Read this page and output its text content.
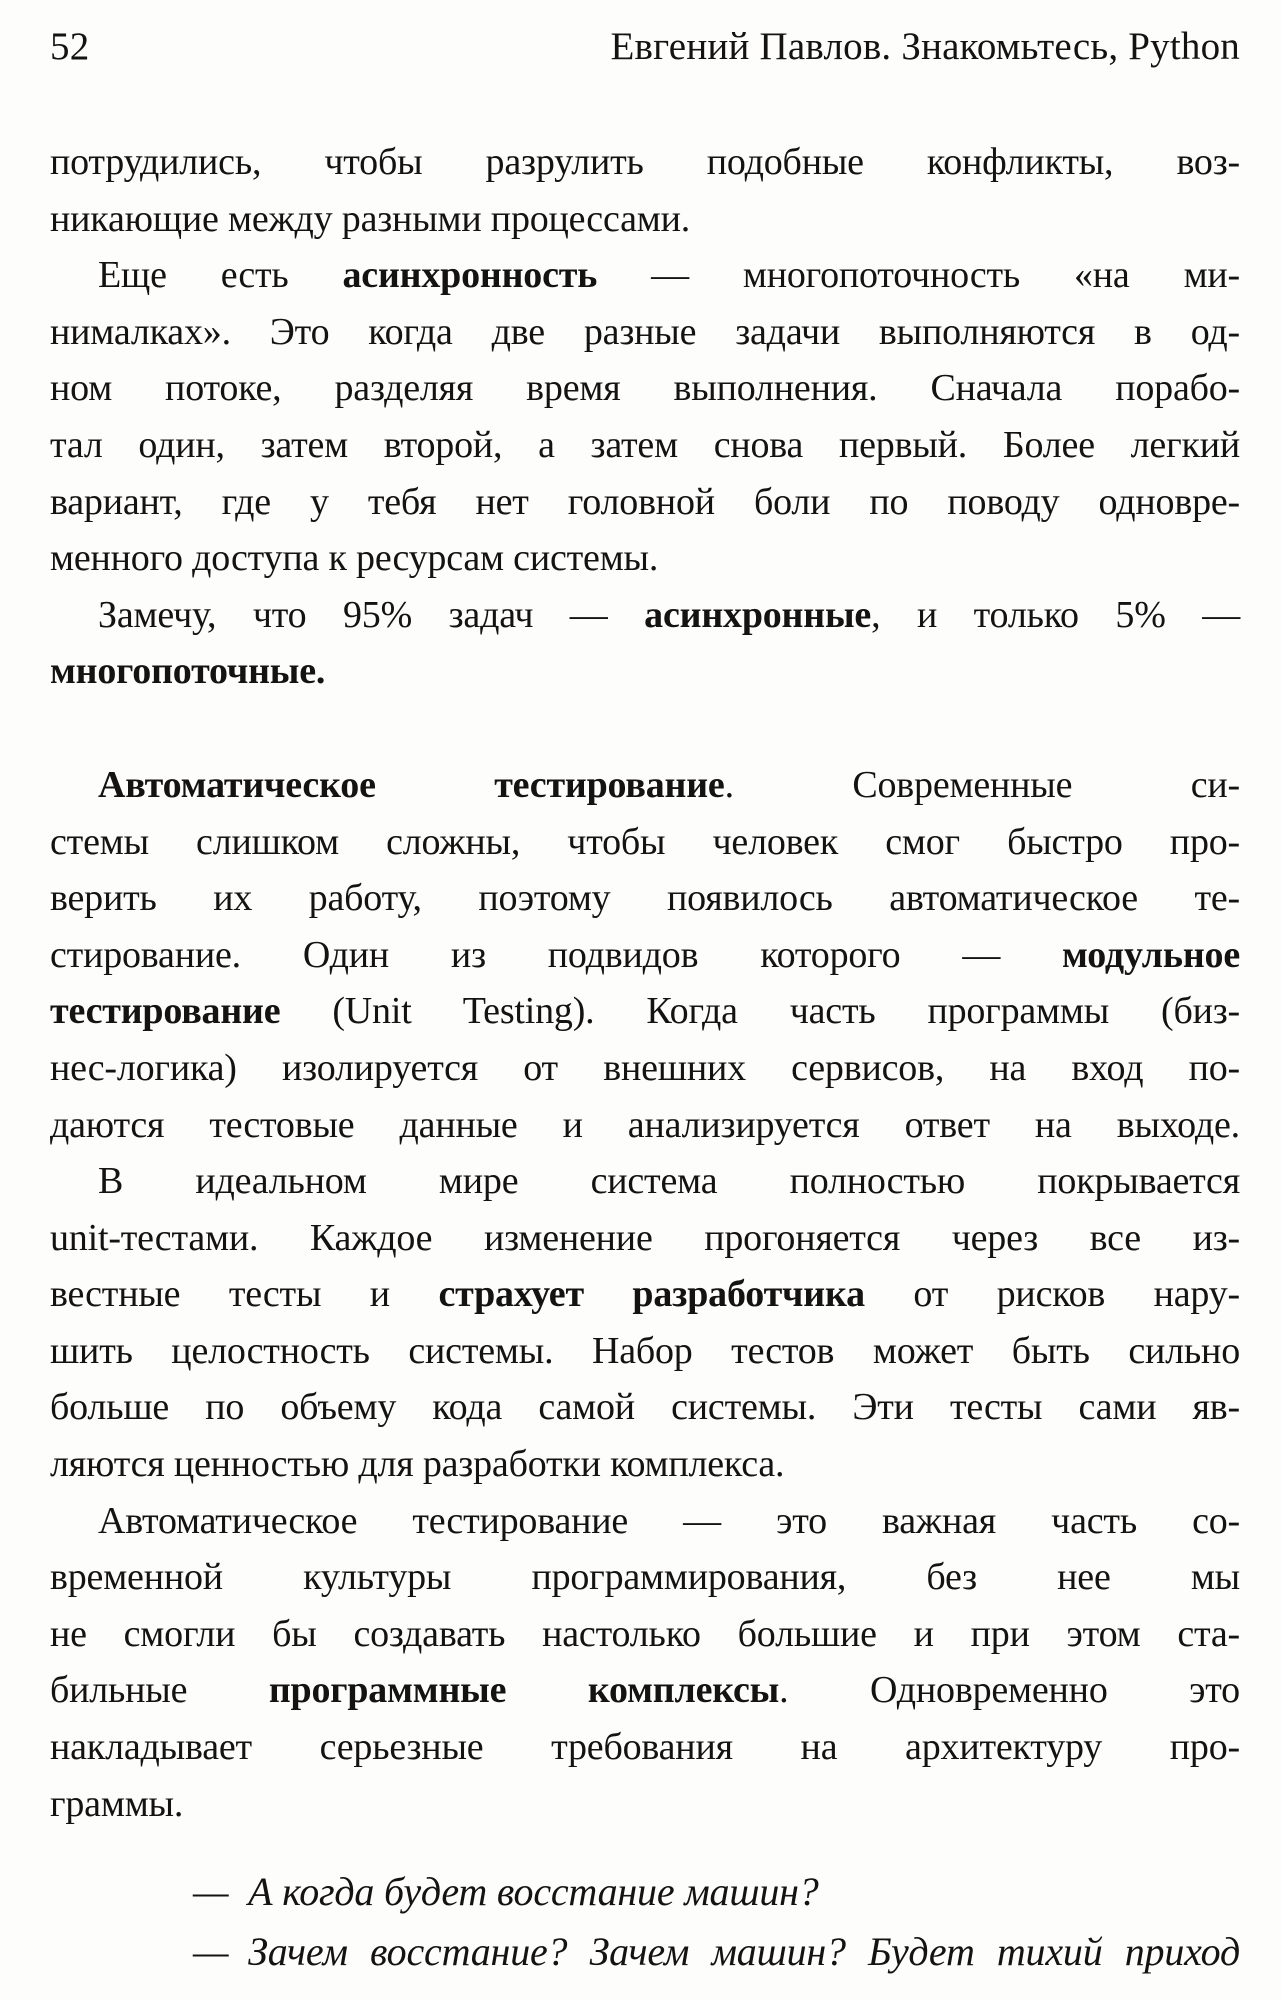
52	Евгений Павлов. Знакомьтесь, Python
потрудились, чтобы разрулить подобные конфликты, воз-
никающие между разными процессами.
Еще есть асинхронность — многопоточность «на ми-
нималках». Это когда две разные задачи выполняются в од-
ном потоке, разделяя время выполнения. Сначала порабо-
тал один, затем второй, а затем снова первый. Более легкий
вариант, где у тебя нет головной боли по поводу одновре-
менного доступа к ресурсам системы.
Замечу, что 95% задач — асинхронные, и только 5% —
многопоточные.
Автоматическое тестирование. Современные си-
стемы слишком сложны, чтобы человек смог быстро про-
верить их работу, поэтому появилось автоматическое те-
стирование. Один из подвидов которого — модульное
тестирование (Unit Testing). Когда часть программы (биз-
нес-логика) изолируется от внешних сервисов, на вход по-
даются тестовые данные и анализируется ответ на выходе.
В идеальном мире система полностью покрывается
unit-тестами. Каждое изменение прогоняется через все из-
вестные тесты и страхует разработчика от рисков нару-
шить целостность системы. Набор тестов может быть сильно
больше по объему кода самой системы. Эти тесты сами яв-
ляются ценностью для разработки комплекса.
Автоматическое тестирование — это важная часть со-
временной культуры программирования, без нее мы
не смогли бы создавать настолько большие и при этом ста-
бильные программные комплексы. Одновременно это
накладывает серьезные требования на архитектуру про-
граммы.
— А когда будет восстание машин?
— Зачем восстание? Зачем машин? Будет тихий приход
